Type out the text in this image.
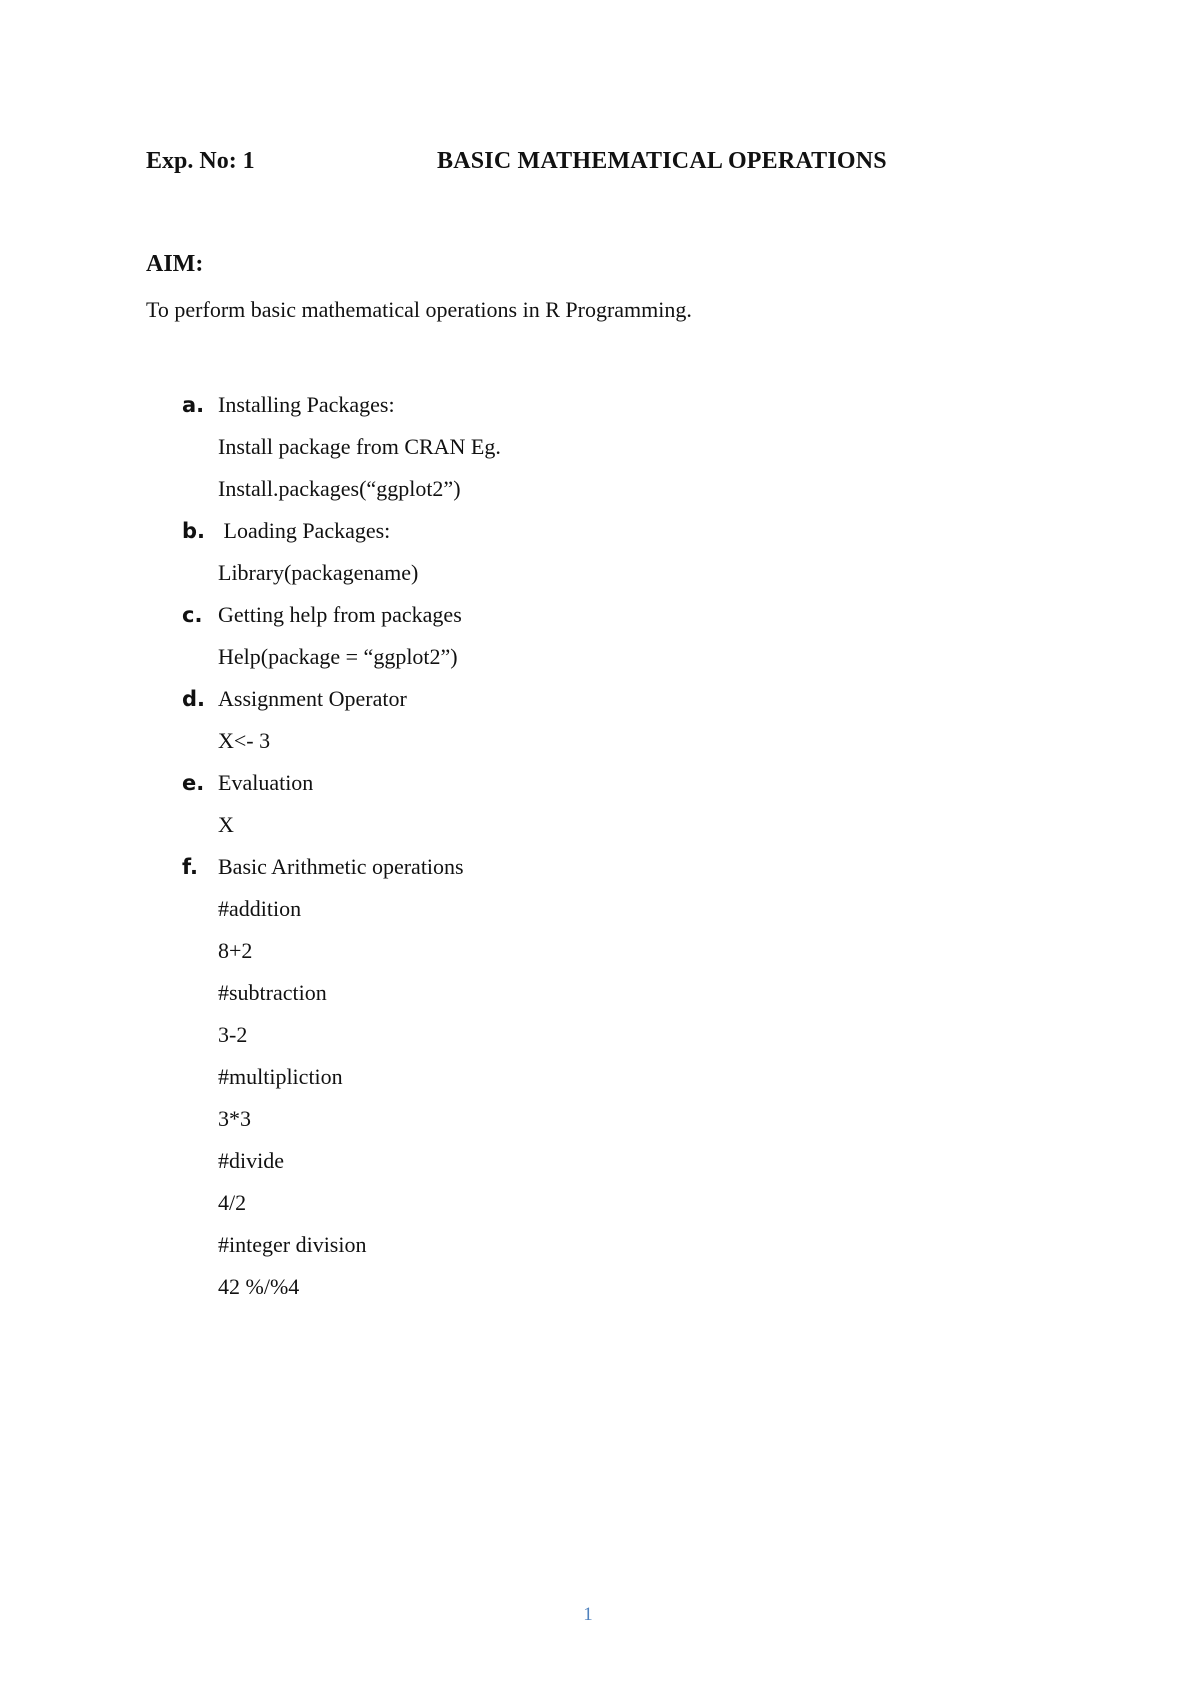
Exp. No: 1	BASIC MATHEMATICAL OPERATIONS
AIM:
To perform basic mathematical operations in R Programming.
a. Installing Packages:
Install package from CRAN Eg.
Install.packages(“ggplot2”)
b. Loading Packages:
Library(packagename)
c. Getting help from packages
Help(package = “ggplot2”)
d. Assignment Operator
X<- 3
e. Evaluation
X
f. Basic Arithmetic operations
#addition
8+2
#subtraction
3-2
#multipliction
3*3
#divide
4/2
#integer division
42 %/%4
1
